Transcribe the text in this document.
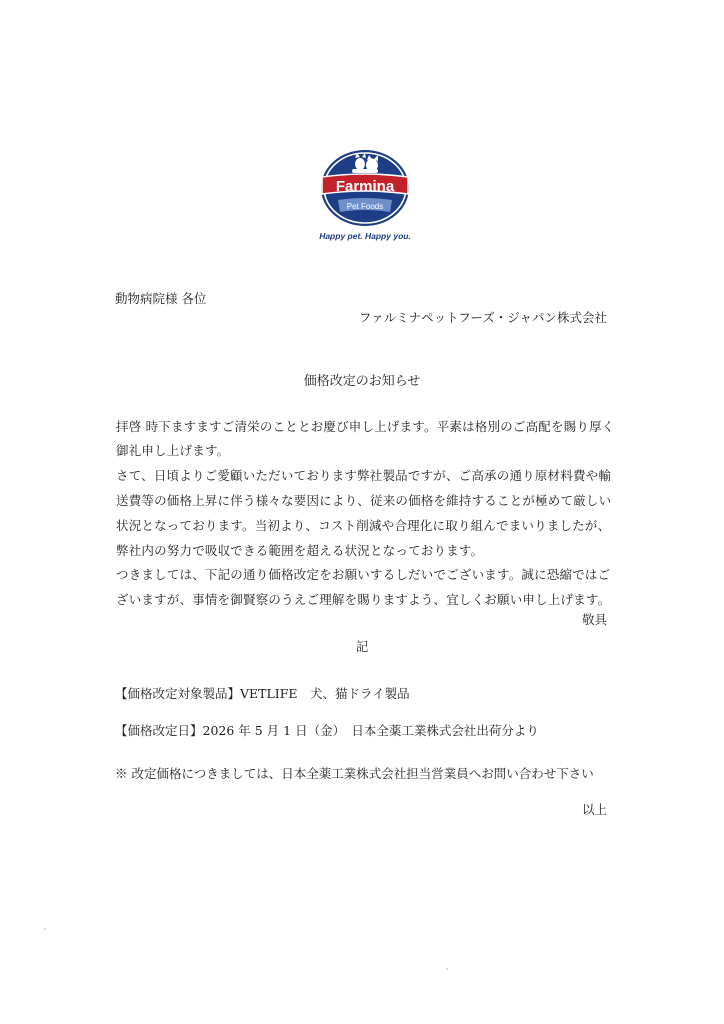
Farmina
Pet Foods
Happy pet. Happy you.
動物病院様 各位
ファルミナペットフーズ・ジャパン株式会社
価格改定のお知らせ
拝啓 時下ますますご清栄のこととお慶び申し上げます。平素は格別のご高配を賜り厚く
御礼申し上げます。
さて、日頃よりご愛顧いただいております弊社製品ですが、ご高承の通り原材料費や輸
送費等の価格上昇に伴う様々な要因により、従来の価格を維持することが極めて厳しい
状況となっております。当初より、コスト削減や合理化に取り組んでまいりましたが、
弊社内の努力で吸収できる範囲を超える状況となっております。
つきましては、下記の通り価格改定をお願いするしだいでございます。誠に恐縮ではご
ざいますが、事情を御賢察のうえご理解を賜りますよう、宜しくお願い申し上げます。
敬具
記
【価格改定対象製品】VETLIFE　犬、猫ドライ製品
【価格改定日】2026 年 5 月 1 日（金）　日本全薬工業株式会社出荷分より
※ 改定価格につきましては、日本全薬工業株式会社担当営業員へお問い合わせ下さい
以上
